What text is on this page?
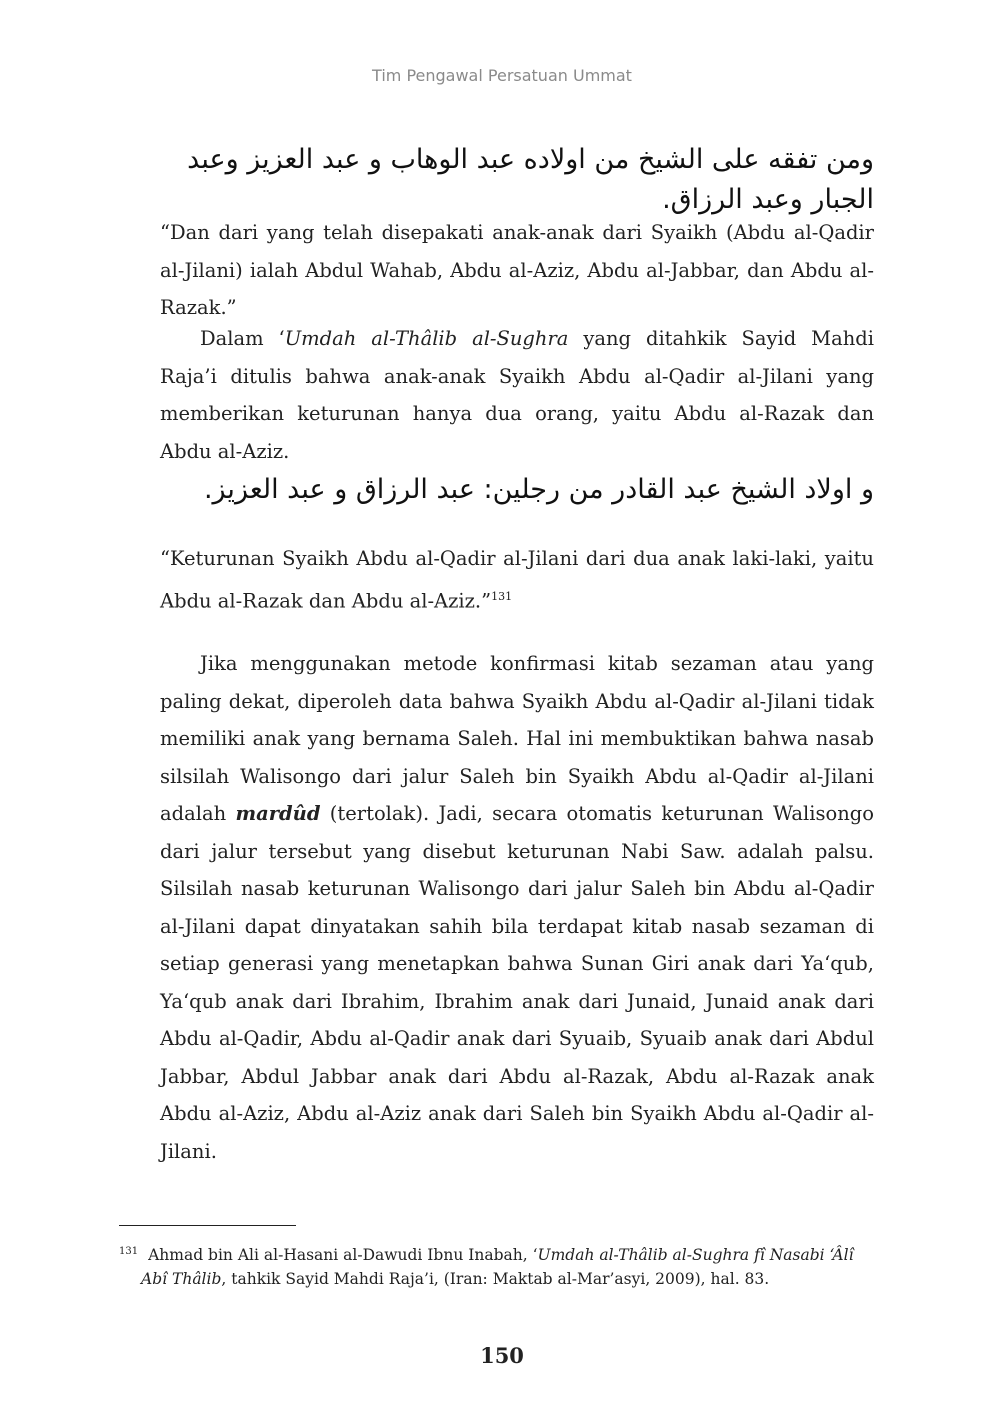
Tim Pengawal Persatuan Ummat
ومن تفقه على الشيخ من اولاده عبد الوهاب و عبد العزيز وعبد الجبار وعبد الرزاق.
“Dan dari yang telah disepakati anak-anak dari Syaikh (Abdu al-Qadir al-Jilani) ialah Abdul Wahab, Abdu al-Aziz, Abdu al-Jabbar, dan Abdu al-Razak.”
Dalam ‘Umdah al-Thâlib al-Sughra yang ditahkik Sayid Mahdi Raja’i ditulis bahwa anak-anak Syaikh Abdu al-Qadir al-Jilani yang memberikan keturunan hanya dua orang, yaitu Abdu al-Razak dan Abdu al-Aziz.
و اولاد الشيخ عبد القادر من رجلين: عبد الرزاق و عبد العزيز.
“Keturunan Syaikh Abdu al-Qadir al-Jilani dari dua anak laki-laki, yaitu Abdu al-Razak dan Abdu al-Aziz.”$^{131}$
Jika menggunakan metode konfirmasi kitab sezaman atau yang paling dekat, diperoleh data bahwa Syaikh Abdu al-Qadir al-Jilani tidak memiliki anak yang bernama Saleh. Hal ini membuktikan bahwa nasab silsilah Walisongo dari jalur Saleh bin Syaikh Abdu al-Qadir al-Jilani adalah mardûd (tertolak). Jadi, secara otomatis keturunan Walisongo dari jalur tersebut yang disebut keturunan Nabi Saw. adalah palsu. Silsilah nasab keturunan Walisongo dari jalur Saleh bin Abdu al-Qadir al-Jilani dapat dinyatakan sahih bila terdapat kitab nasab sezaman di setiap generasi yang menetapkan bahwa Sunan Giri anak dari Ya‘qub, Ya‘qub anak dari Ibrahim, Ibrahim anak dari Junaid, Junaid anak dari Abdu al-Qadir, Abdu al-Qadir anak dari Syuaib, Syuaib anak dari Abdul Jabbar, Abdul Jabbar anak dari Abdu al-Razak, Abdu al-Razak anak Abdu al-Aziz, Abdu al-Aziz anak dari Saleh bin Syaikh Abdu al-Qadir al-Jilani.
$^{131}$ Ahmad bin Ali al-Hasani al-Dawudi Ibnu Inabah, ‘Umdah al-Thâlib al-Sughra fî Nasabi ‘Âlî
Abî Thâlib, tahkik Sayid Mahdi Raja’i, (Iran: Maktab al-Mar’asyi, 2009), hal. 83.
150
